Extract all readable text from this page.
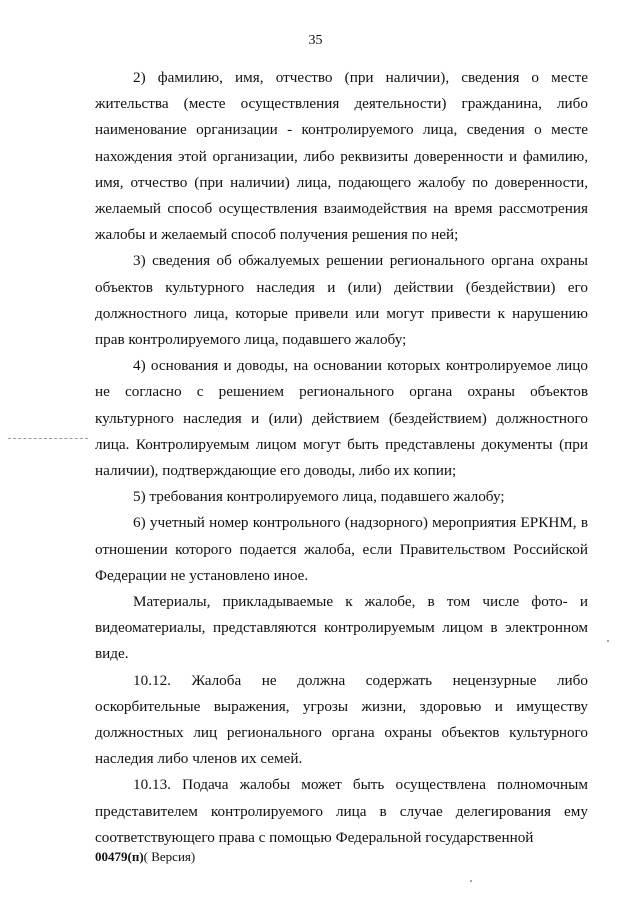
35

2) фамилию, имя, отчество (при наличии), сведения о месте жительства (месте осуществления деятельности) гражданина, либо наименование организации - контролируемого лица, сведения о месте нахождения этой организации, либо реквизиты доверенности и фамилию, имя, отчество (при наличии) лица, подающего жалобу по доверенности, желаемый способ осуществления взаимодействия на время рассмотрения жалобы и желаемый способ получения решения по ней;

3) сведения об обжалуемых решении регионального органа охраны объектов культурного наследия и (или) действии (бездействии) его должностного лица, которые привели или могут привести к нарушению прав контролируемого лица, подавшего жалобу;

4) основания и доводы, на основании которых контролируемое лицо не согласно с решением регионального органа охраны объектов культурного наследия и (или) действием (бездействием) должностного лица. Контролируемым лицом могут быть представлены документы (при наличии), подтверждающие его доводы, либо их копии;

5) требования контролируемого лица, подавшего жалобу;

6) учетный номер контрольного (надзорного) мероприятия ЕРКНМ, в отношении которого подается жалоба, если Правительством Российской Федерации не установлено иное.

Материалы, прикладываемые к жалобе, в том числе фото- и видеоматериалы, представляются контролируемым лицом в электронном виде.

10.12. Жалоба не должна содержать нецензурные либо оскорбительные выражения, угрозы жизни, здоровью и имуществу должностных лиц регионального органа охраны объектов культурного наследия либо членов их семей.

10.13. Подача жалобы может быть осуществлена полномочным представителем контролируемого лица в случае делегирования ему соответствующего права с помощью Федеральной государственной

00479(п)( Версия)
